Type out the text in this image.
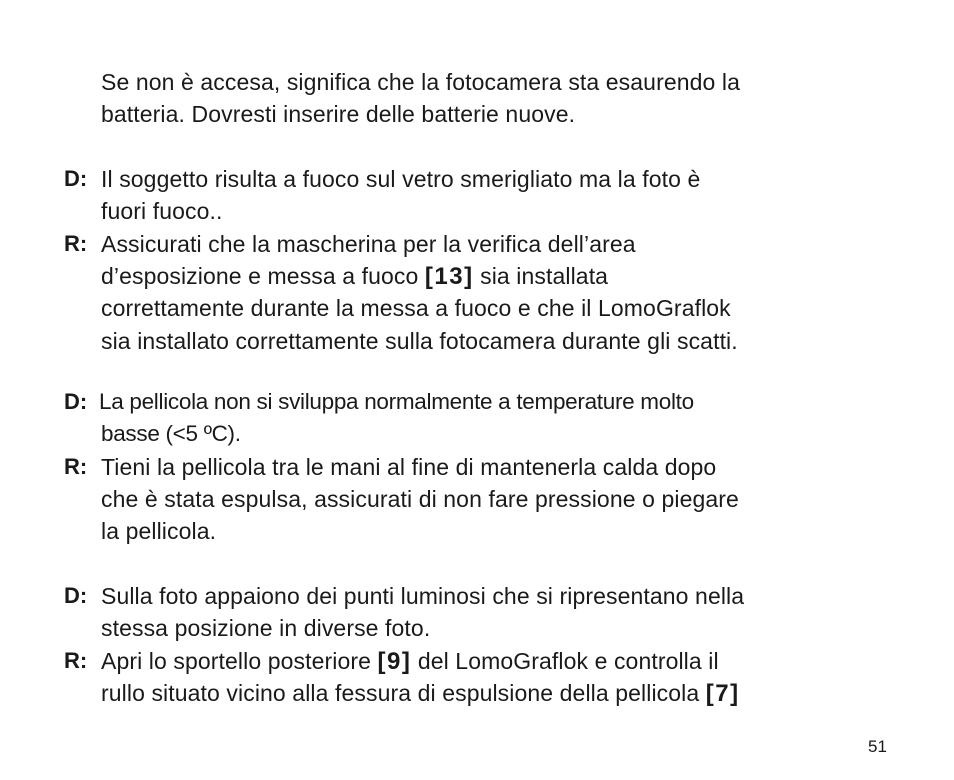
Se non è accesa, significa che la fotocamera sta esaurendo la
batteria. Dovresti inserire delle batterie nuove.
D: Il soggetto risulta a fuoco sul vetro smerigliato ma la foto è
fuori fuoco..
R: Assicurati che la mascherina per la verifica dell’area
d’esposizione e messa a fuoco [13] sia installata
correttamente durante la messa a fuoco e che il LomoGraflok
sia installato correttamente sulla fotocamera durante gli scatti.
D: La pellicola non si sviluppa normalmente a temperature molto
basse (<5 ºC).
R: Tieni la pellicola tra le mani al fine di mantenerla calda dopo
che è stata espulsa, assicurati di non fare pressione o piegare
la pellicola.
D: Sulla foto appaiono dei punti luminosi che si ripresentano nella
stessa posizione in diverse foto.
R: Apri lo sportello posteriore [9] del LomoGraflok e controlla il
rullo situato vicino alla fessura di espulsione della pellicola [7]
51
